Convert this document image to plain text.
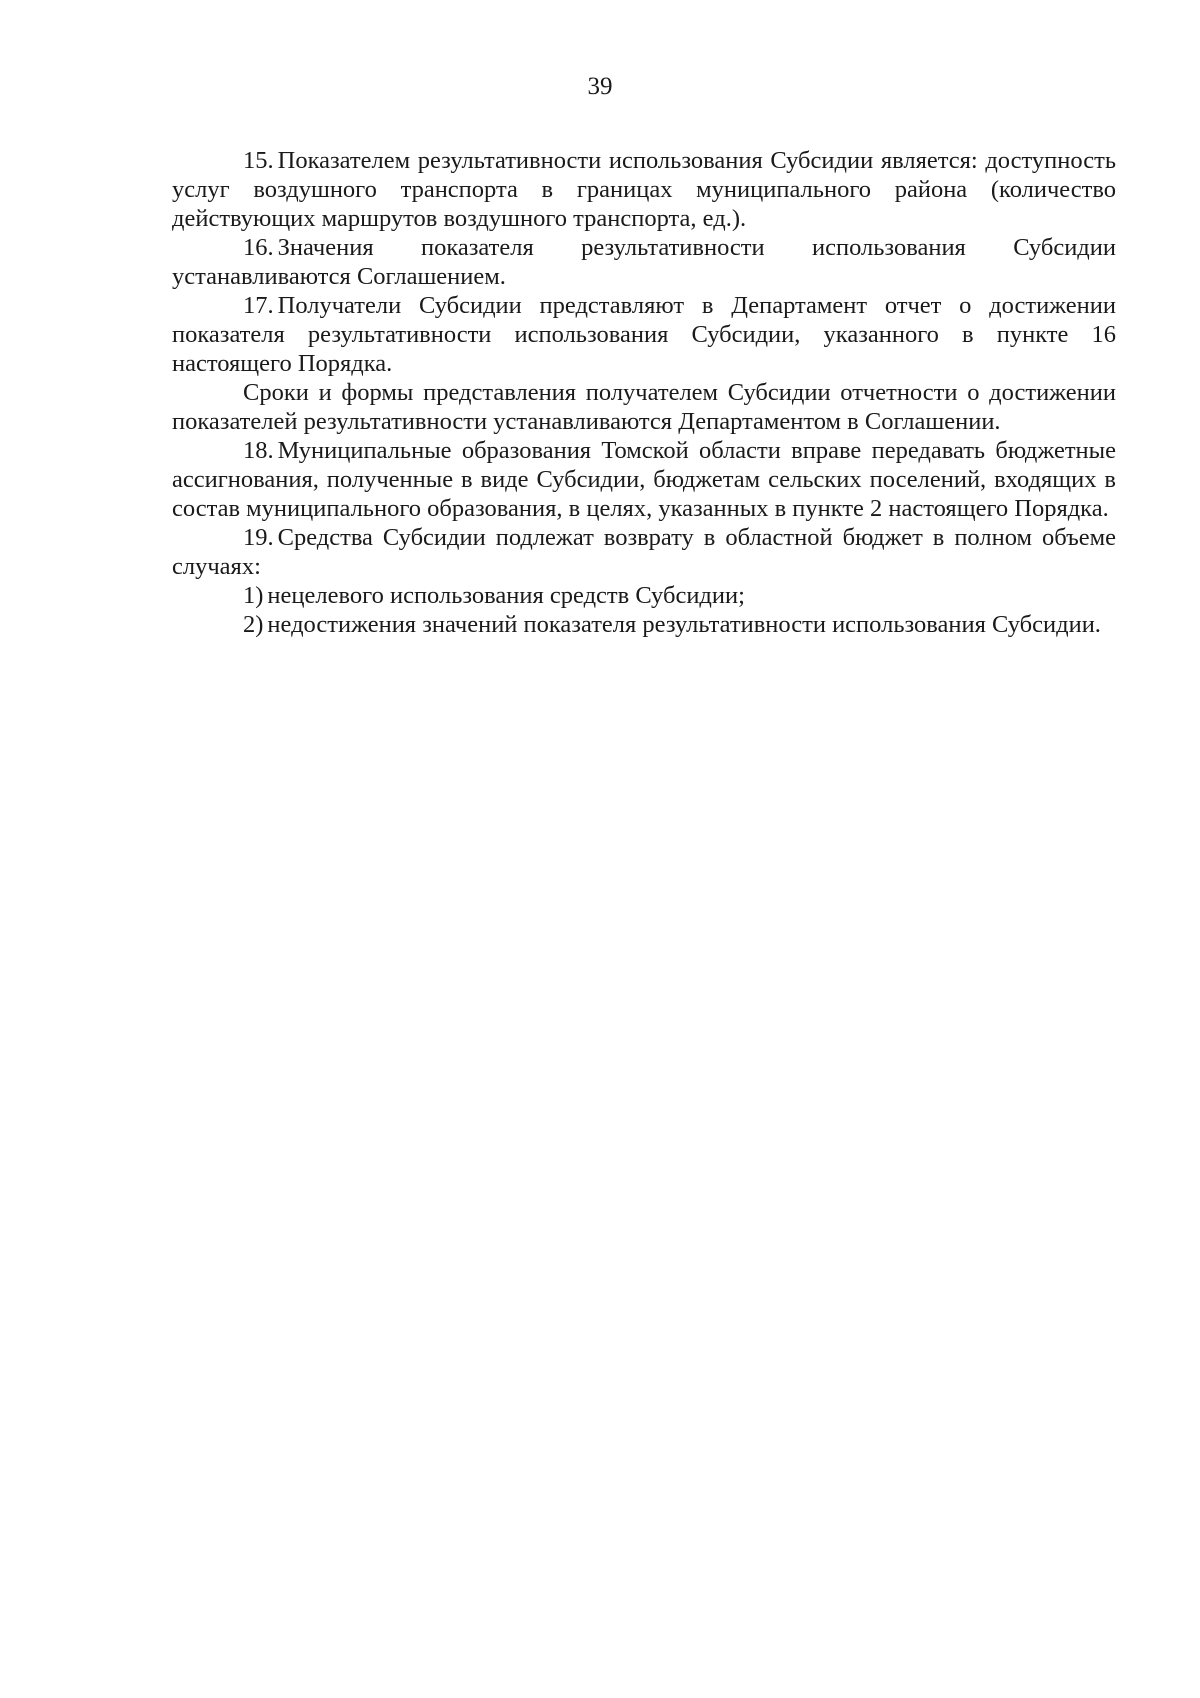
39

15. Показателем результативности использования Субсидии является: доступность услуг воздушного транспорта в границах муниципального района (количество действующих маршрутов воздушного транспорта, ед.).

16. Значения показателя результативности использования Субсидии устанавливаются Соглашением.

17. Получатели Субсидии представляют в Департамент отчет о достижении показателя результативности использования Субсидии, указанного в пункте 16 настоящего Порядка.

Сроки и формы представления получателем Субсидии отчетности о достижении показателей результативности устанавливаются Департаментом в Соглашении.

18. Муниципальные образования Томской области вправе передавать бюджетные ассигнования, полученные в виде Субсидии, бюджетам сельских поселений, входящих в состав муниципального образования, в целях, указанных в пункте 2 настоящего Порядка.

19. Средства Субсидии подлежат возврату в областной бюджет в полном объеме случаях:

1) нецелевого использования средств Субсидии;

2) недостижения значений показателя результативности использования Субсидии.
